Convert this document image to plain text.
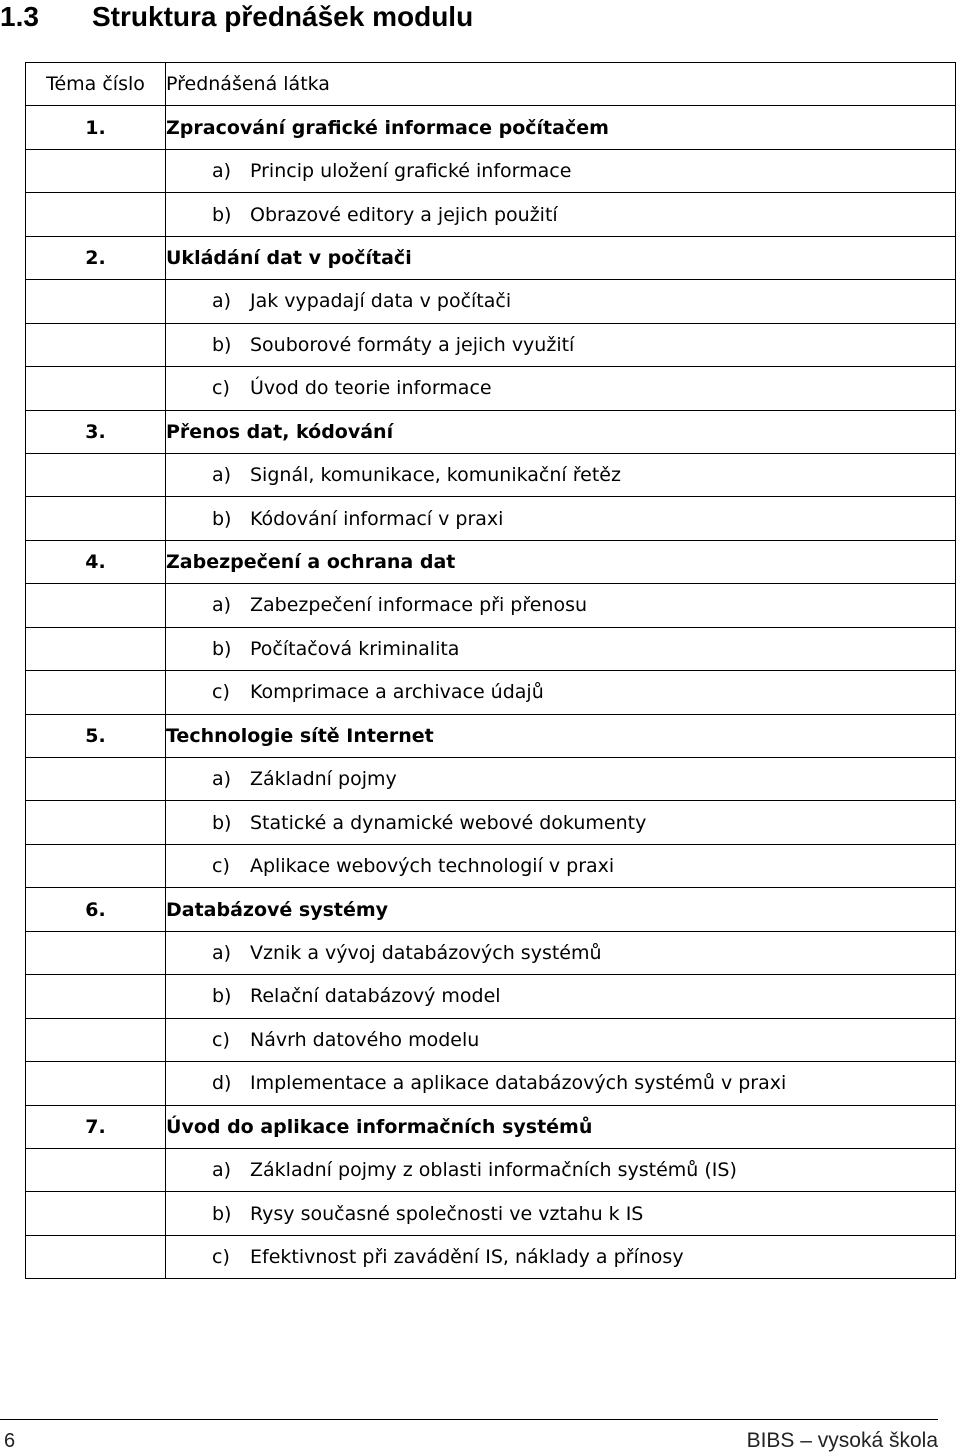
1.3 Struktura přednášek modulu
Téma číslo	Přednášená látka
1.	Zpracování grafické informace počítačem
	a) Princip uložení grafické informace
	b) Obrazové editory a jejich použití
2.	Ukládání dat v počítači
	a) Jak vypadají data v počítači
	b) Souborové formáty a jejich využití
	c) Úvod do teorie informace
3.	Přenos dat, kódování
	a) Signál, komunikace, komunikační řetěz
	b) Kódování informací v praxi
4.	Zabezpečení a ochrana dat
	a) Zabezpečení informace při přenosu
	b) Počítačová kriminalita
	c) Komprimace a archivace údajů
5.	Technologie sítě Internet
	a) Základní pojmy
	b) Statické a dynamické webové dokumenty
	c) Aplikace webových technologií v praxi
6.	Databázové systémy
	a) Vznik a vývoj databázových systémů
	b) Relační databázový model
	c) Návrh datového modelu
	d) Implementace a aplikace databázových systémů v praxi
7.	Úvod do aplikace informačních systémů
	a) Základní pojmy z oblasti informačních systémů (IS)
	b) Rysy současné společnosti ve vztahu k IS
	c) Efektivnost při zavádění IS, náklady a přínosy
6	BIBS – vysoká škola
